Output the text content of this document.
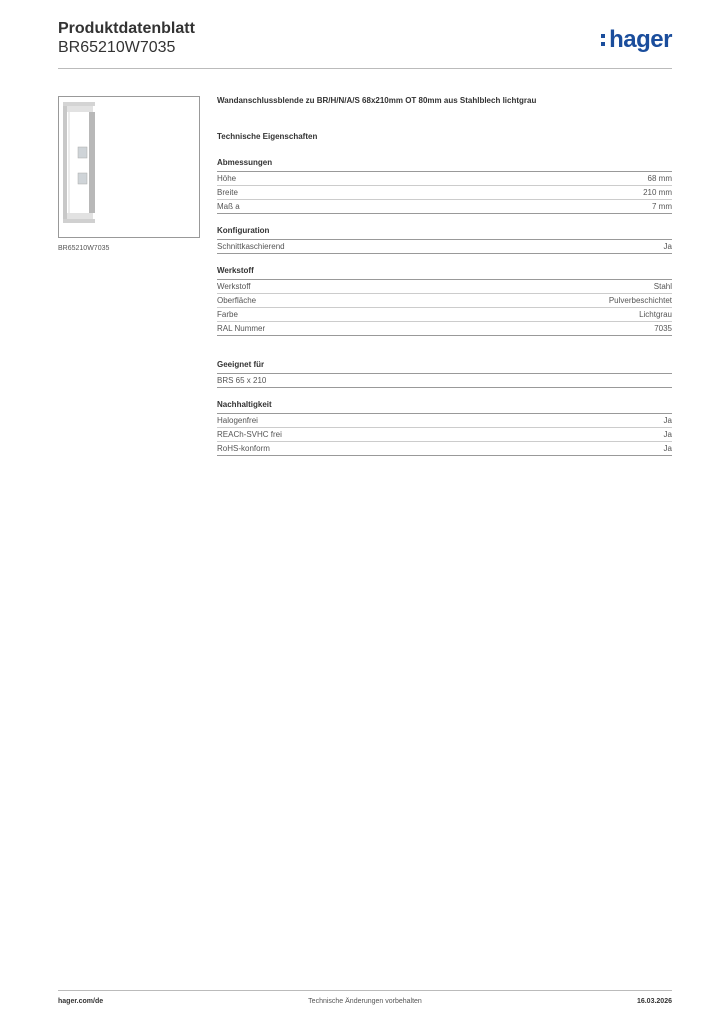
Produktdatenblatt
BR65210W7035	hager
BR65210W7035
Wandanschlussblende zu BR/H/N/A/S 68x210mm OT 80mm aus Stahlblech lichtgrau
Technische Eigenschaften
Abmessungen
Höhe	68 mm
Breite	210 mm
Maß a	7 mm
Konfiguration
Schnittkaschierend	Ja
Werkstoff
Werkstoff	Stahl
Oberfläche	Pulverbeschichtet
Farbe	Lichtgrau
RAL Nummer	7035
Geeignet für
BRS 65 x 210
Nachhaltigkeit
Halogenfrei	Ja
REACh-SVHC frei	Ja
RoHS-konform	Ja
hager.com/de	Technische Änderungen vorbehalten	16.03.2026
